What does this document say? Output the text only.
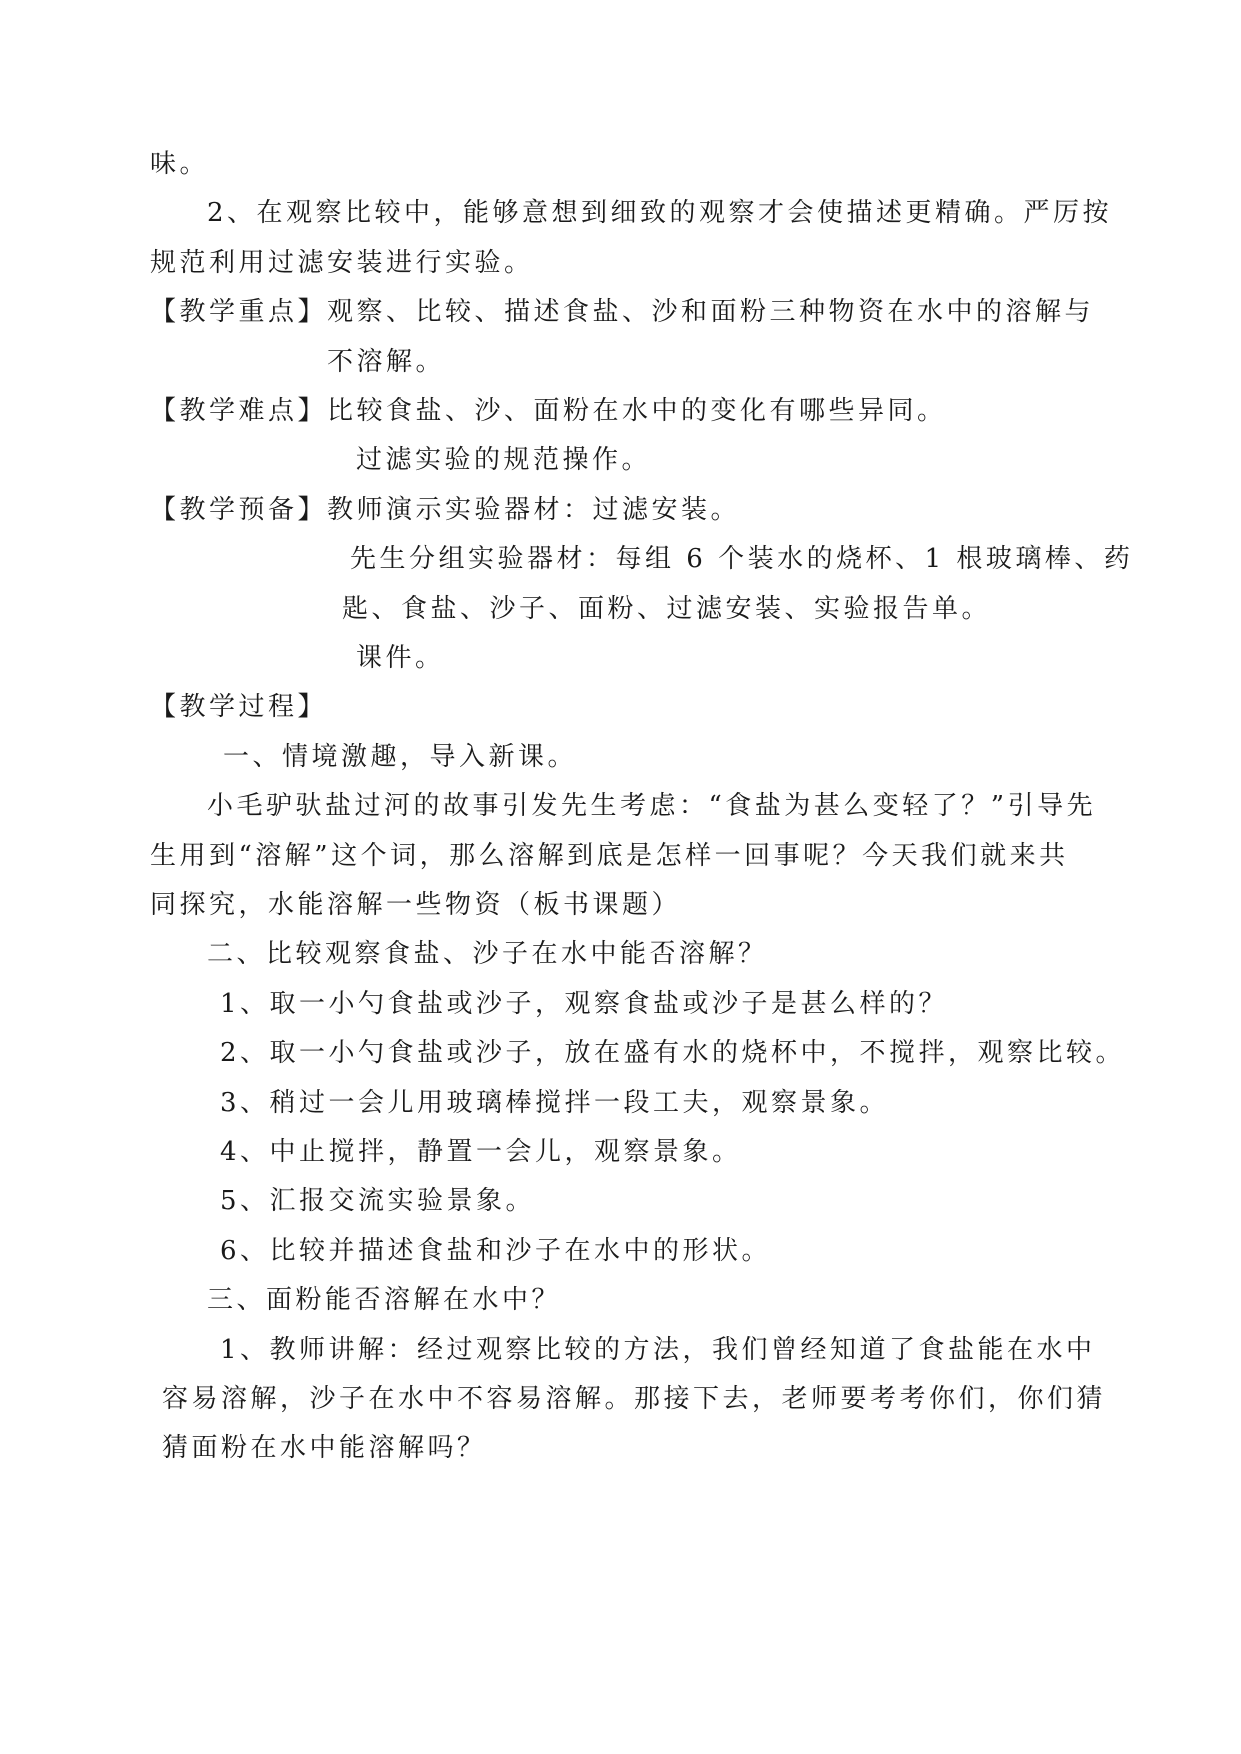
味。
2、在观察比较中，能够意想到细致的观察才会使描述更精确。严厉按
规范利用过滤安装进行实验。
【教学重点】观察、比较、描述食盐、沙和面粉三种物资在水中的溶解与
不溶解。
【教学难点】比较食盐、沙、面粉在水中的变化有哪些异同。
过滤实验的规范操作。
【教学预备】教师演示实验器材：过滤安装。
先生分组实验器材：每组 6 个装水的烧杯、1 根玻璃棒、药
匙、食盐、沙子、面粉、过滤安装、实验报告单。
课件。
【教学过程】
一、情境激趣，导入新课。
小毛驴驮盐过河的故事引发先生考虑：“食盐为甚么变轻了？”引导先
生用到“溶解”这个词，那么溶解到底是怎样一回事呢？今天我们就来共
同探究，水能溶解一些物资（板书课题）
二、比较观察食盐、沙子在水中能否溶解？
1、取一小勺食盐或沙子，观察食盐或沙子是甚么样的？
2、取一小勺食盐或沙子，放在盛有水的烧杯中，不搅拌，观察比较。
3、稍过一会儿用玻璃棒搅拌一段工夫，观察景象。
4、中止搅拌，静置一会儿，观察景象。
5、汇报交流实验景象。
6、比较并描述食盐和沙子在水中的形状。
三、面粉能否溶解在水中？
1、教师讲解：经过观察比较的方法，我们曾经知道了食盐能在水中
容易溶解，沙子在水中不容易溶解。那接下去，老师要考考你们，你们猜
猜面粉在水中能溶解吗？
